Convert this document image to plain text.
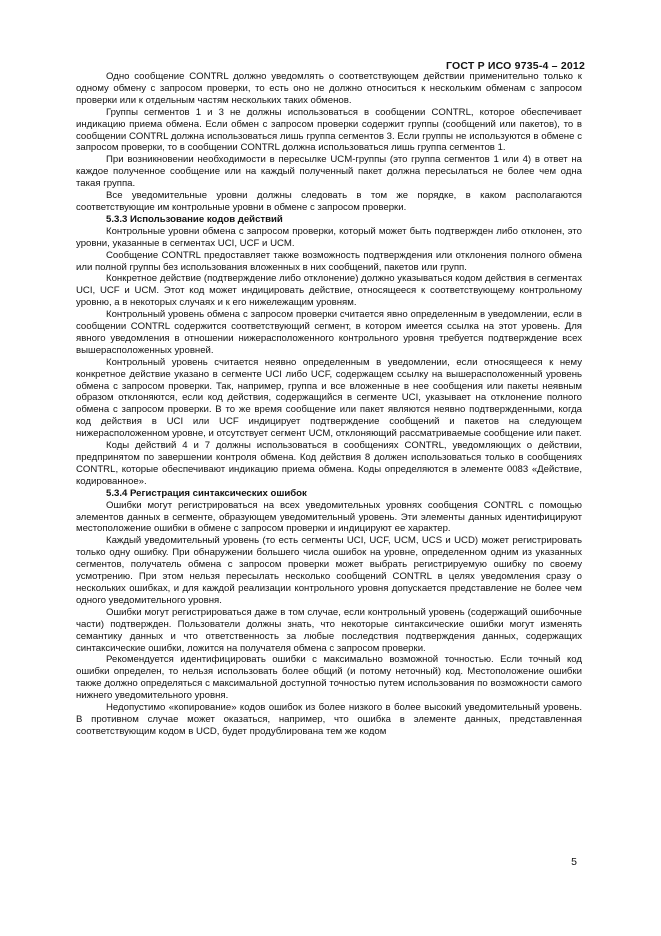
ГОСТ Р ИСО 9735-4 – 2012

Одно сообщение CONTRL должно уведомлять о соответствующем действии применительно только к одному обмену с запросом проверки, то есть оно не должно относиться к нескольким обменам с запросом проверки или к отдельным частям нескольких таких обменов.

Группы сегментов 1 и 3 не должны использоваться в сообщении CONTRL, которое обеспечивает индикацию приема обмена. Если обмен с запросом проверки содержит группы (сообщений или пакетов), то в сообщении CONTRL должна использоваться лишь группа сегментов 3. Если группы не используются в обмене с запросом проверки, то в сообщении CONTRL должна использоваться лишь группа сегментов 1.

При возникновении необходимости в пересылке UCM-группы (это группа сегментов 1 или 4) в ответ на каждое полученное сообщение или на каждый полученный пакет должна пересылаться не более чем одна такая группа.

Все уведомительные уровни должны следовать в том же порядке, в каком располагаются соответствующие им контрольные уровни в обмене с запросом проверки.

5.3.3 Использование кодов действий

Контрольные уровни обмена с запросом проверки, который может быть подтвержден либо отклонен, это уровни, указанные в сегментах UCI, UCF и UCM.

Сообщение CONTRL предоставляет также возможность подтверждения или отклонения полного обмена или полной группы без использования вложенных в них сообщений, пакетов или групп.

Конкретное действие (подтверждение либо отклонение) должно указываться кодом действия в сегментах UCI, UCF и UCM. Этот код может индицировать действие, относящееся к соответствующему контрольному уровню, а в некоторых случаях и к его нижележащим уровням.

Контрольный уровень обмена с запросом проверки считается явно определенным в уведомлении, если в сообщении CONTRL содержится соответствующий сегмент, в котором имеется ссылка на этот уровень. Для явного уведомления в отношении нижерасположенного контрольного уровня требуется подтверждение всех вышерасположенных уровней.

Контрольный уровень считается неявно определенным в уведомлении, если относящееся к нему конкретное действие указано в сегменте UCI либо UCF, содержащем ссылку на вышерасположенный уровень обмена с запросом проверки. Так, например, группа и все вложенные в нее сообщения или пакеты неявным образом отклоняются, если код действия, содержащийся в сегменте UCI, указывает на отклонение полного обмена с запросом проверки. В то же время сообщение или пакет являются неявно подтвержденными, когда код действия в UCI или UCF индицирует подтверждение сообщений и пакетов на следующем нижерасположенном уровне, и отсутствует сегмент UCM, отклоняющий рассматриваемые сообщение или пакет.

Коды действий 4 и 7 должны использоваться в сообщениях CONTRL, уведомляющих о действии, предпринятом по завершении контроля обмена. Код действия 8 должен использоваться только в сообщениях CONTRL, которые обеспечивают индикацию приема обмена. Коды определяются в элементе 0083 «Действие, кодированное».

5.3.4 Регистрация синтаксических ошибок

Ошибки могут регистрироваться на всех уведомительных уровнях сообщения CONTRL с помощью элементов данных в сегменте, образующем уведомительный уровень. Эти элементы данных идентифицируют местоположение ошибки в обмене с запросом проверки и индицируют ее характер.

Каждый уведомительный уровень (то есть сегменты UCI, UCF, UCM, UCS и UCD) может регистрировать только одну ошибку. При обнаружении большего числа ошибок на уровне, определенном одним из указанных сегментов, получатель обмена с запросом проверки может выбрать регистрируемую ошибку по своему усмотрению. При этом нельзя пересылать несколько сообщений CONTRL в целях уведомления сразу о нескольких ошибках, и для каждой реализации контрольного уровня допускается представление не более чем одного уведомительного уровня.

Ошибки могут регистрироваться даже в том случае, если контрольный уровень (содержащий ошибочные части) подтвержден. Пользователи должны знать, что некоторые синтаксические ошибки могут изменять семантику данных и что ответственность за любые последствия подтверждения данных, содержащих синтаксические ошибки, ложится на получателя обмена с запросом проверки.

Рекомендуется идентифицировать ошибки с максимально возможной точностью. Если точный код ошибки определен, то нельзя использовать более общий (и потому неточный) код. Местоположение ошибки также должно определяться с максимальной доступной точностью путем использования по возможности самого нижнего уведомительного уровня.

Недопустимо «копирование» кодов ошибок из более низкого в более высокий уведомительный уровень. В противном случае может оказаться, например, что ошибка в элементе данных, представленная соответствующим кодом в UCD, будет продублирована тем же кодом

5
